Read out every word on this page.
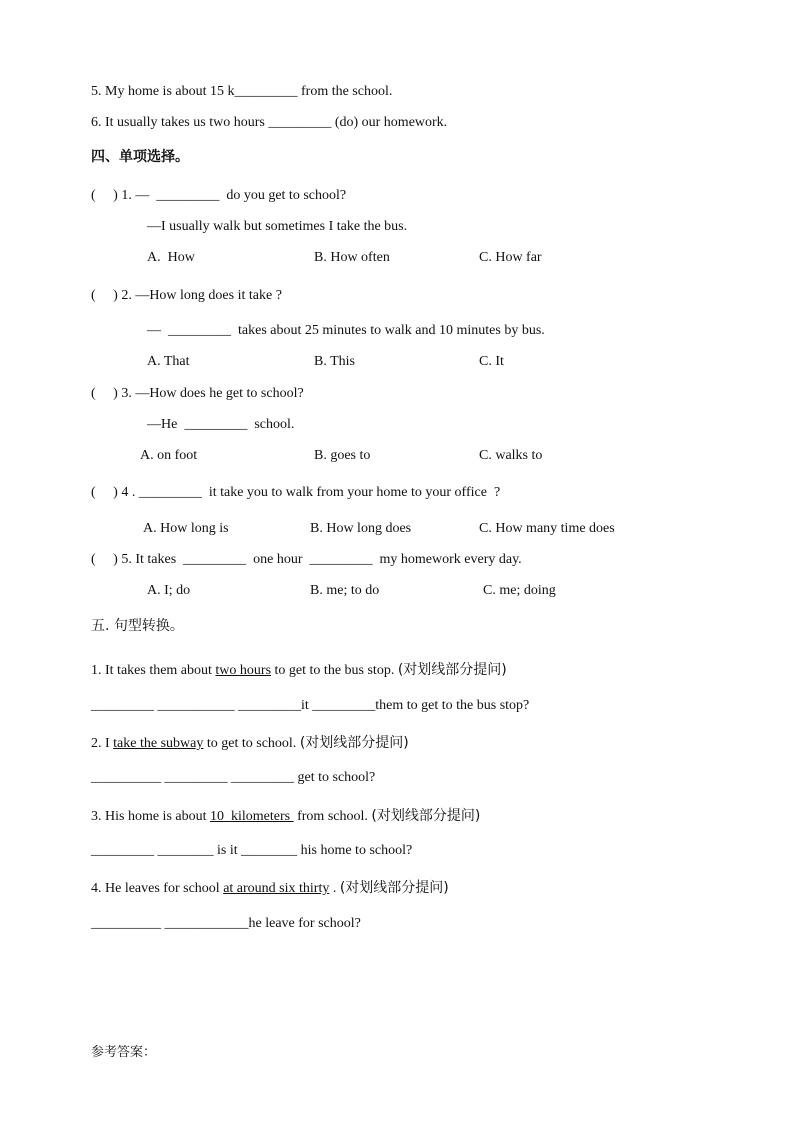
5. My home is about 15 k_________ from the school.
6. It usually takes us two hours _________ (do) our homework.
四、单项选择。
(     ) 1. —  _________  do you get to school?
—I usually walk but sometimes I take the bus.
A.  How	B. How often	C. How far
(     ) 2. —How long does it take ?
—  _________  takes about 25 minutes to walk and 10 minutes by bus.
A. That	B. This	C. It
(     ) 3. —How does he get to school?
—He  _________  school.
A. on foot	B. goes to	C. walks to
(     ) 4 . _________  it take you to walk from your home to your office  ?
A. How long is	B. How long does	C. How many time does
(     ) 5. It takes  _________  one hour  _________  my homework every day.
A. I; do	B. me; to do	C. me; doing
五. 句型转换。
1. It takes them about two hours to get to the bus stop. (对划线部分提问)
_________ ___________ _________it _________them to get to the bus stop?
2. I take the subway to get to school. (对划线部分提问)
__________ _________ _________ get to school?
3. His home is about 10  kilometers  from school. (对划线部分提问)
_________ ________ is it ________ his home to school?
4. He leaves for school at around six thirty . (对划线部分提问)
__________ ____________he leave for school?
参考答案：
